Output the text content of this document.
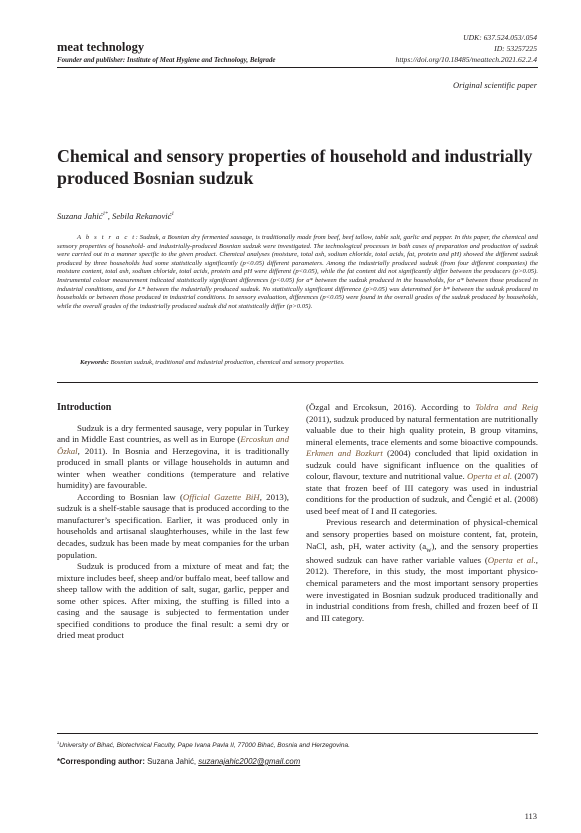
meat technology
Founder and publisher: Institute of Meat Hygiene and Technology, Belgrade
UDK: 637.524.053/.054
ID: 53257225
https://doi.org/10.18485/meattech.2021.62.2.4
Original scientific paper
Chemical and sensory properties of household and industrially produced Bosnian sudzuk
Suzana Jahić$^{1*}$, Sebila Rekanović$^1$
A b s t r a c t: Sudzuk, a Bosnian dry fermented sausage, is traditionally made from beef, beef tallow, table salt, garlic and pepper. In this paper, the chemical and sensory properties of household- and industrially-produced Bosnian sudzuk were investigated. The technological processes in both cases of preparation and production of sudzuk were carried out in a manner specific to the given product. Chemical analyses (moisture, total ash, sodium chloride, total acids, fat, protein and pH) showed the different sudzuk produced by three households had some statistically significantly (p<0.05) different parameters. Among the industrially produced sudzuk (from four different companies) the moisture content, total ash, sodium chloride, total acids, protein and pH were different (p<0.05), while the fat content did not significantly differ between the producers (p>0.05). Instrumental colour measurement indicated statistically significant differences (p<0.05) for a* between the sudzuk produced in the households, for a* between those produced in industrial conditions, and for L* between the industrially produced sudzuk. No statistically significant difference (p>0.05) was determined for b* between the sudzuk produced in households or between those produced in industrial conditions. In sensory evaluation, differences (p<0.05) were found in the overall grades of the sudzuk produced by households, while the overall grades of the industrially produced sudzuk did not statistically differ (p>0.05).
Keywords: Bosnian sudzuk, traditional and industrial production, chemical and sensory properties.
Introduction

Sudzuk is a dry fermented sausage, very popular in Turkey and in Middle East countries, as well as in Europe (Ercoskun and Özkal, 2011). In Bosnia and Herzegovina, it is traditionally produced in small plants or village households in autumn and winter when weather conditions (temperature and relative humidity) are favourable.

According to Bosnian law (Official Gazette BiH, 2013), sudzuk is a shelf-stable sausage that is produced according to the manufacturer’s specification. Earlier, it was produced only in households and artisanal slaughterhouses, while in the last few decades, sudzuk has been made by meat companies for the urban population.

Sudzuk is produced from a mixture of meat and fat; the mixture includes beef, sheep and/or buffalo meat, beef tallow and sheep tallow with the addition of salt, sugar, garlic, pepper and some other spices. After mixing, the stuffing is filled into a casing and the sausage is subjected to fermentation under specified conditions to produce the final result: a semi dry or dried meat product

(Özgal and Ercoksun, 2016). According to Toldra and Reig (2011), sudzuk produced by natural fermentation are nutritionally valuable due to their high quality protein, B group vitamins, mineral elements, trace elements and some bioactive compounds. Erkmen and Bozkurt (2004) concluded that lipid oxidation in sudzuk could have significant influence on the qualities of colour, flavour, texture and nutritional value. Operta et al. (2007) state that frozen beef of III category was used in industrial conditions for the production of sudzuk, and Čengić et al. (2008) used beef meat of I and II categories.

Previous research and determination of physical-chemical and sensory properties based on moisture content, fat, protein, NaCl, ash, pH, water activity $(a_w)$, and the sensory properties showed sudzuk can have rather variable values (Operta et al., 2012). Therefore, in this study, the most important physico-chemical parameters and the most important sensory properties were investigated in Bosnian sudzuk produced traditionally and in industrial conditions from fresh, chilled and frozen beef of II and III category.

$^1$University of Bihać, Biotechnical Faculty, Pape Ivana Pavla II, 77000 Bihać, Bosnia and Herzegovina.
*Corresponding author: Suzana Jahić, suzanajahic2002@gmail.com
113
